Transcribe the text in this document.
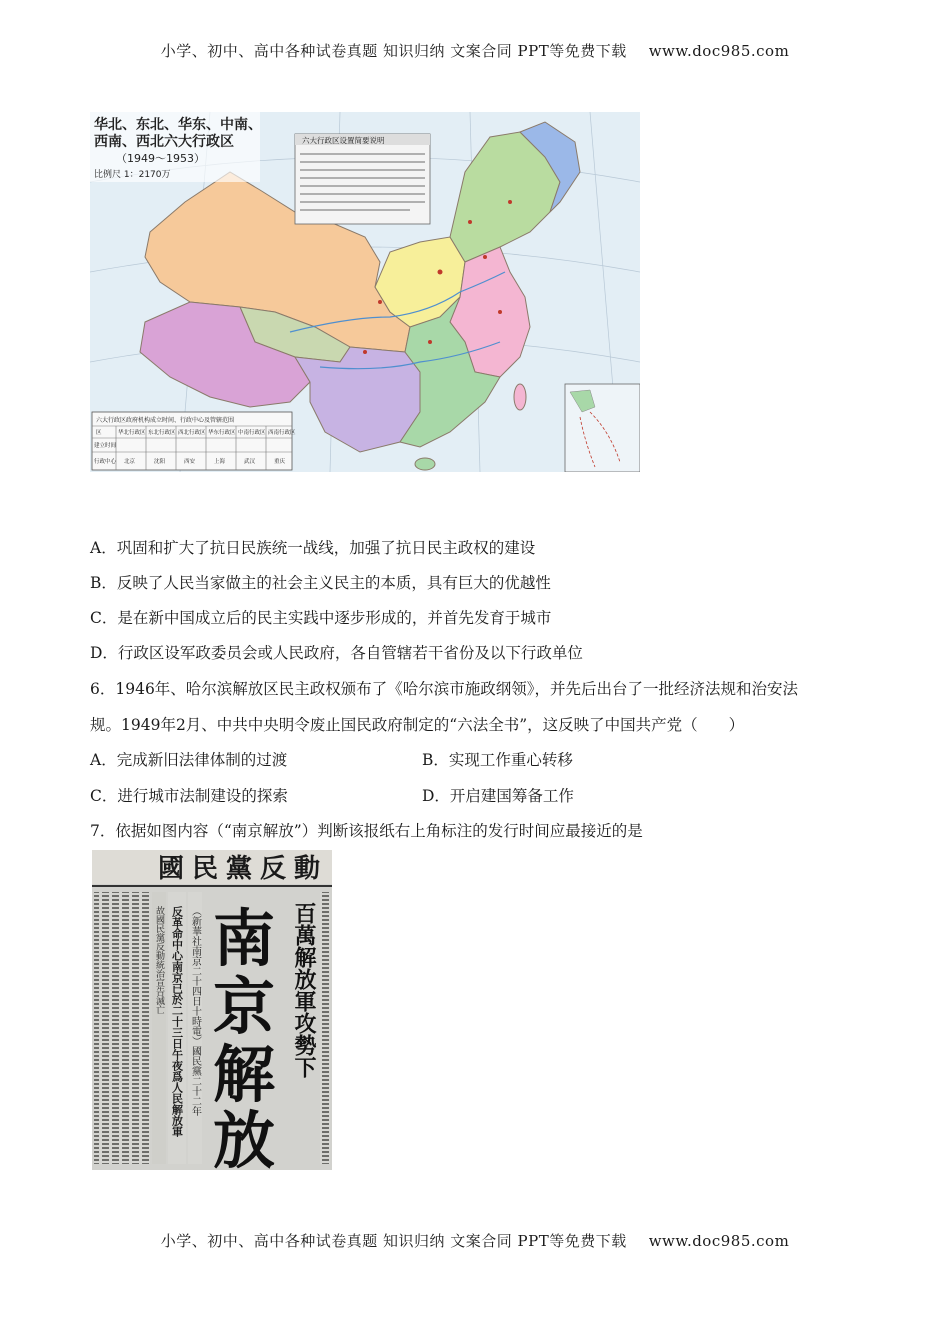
小学、初中、高中各种试卷真题 知识归纳 文案合同 PPT等免费下载 www.doc985.com
华北、东北、华东、中南、
西南、西北六大行政区
（1949～1953）
比例尺 1：2170万
六大行政区设置简要说明
六大行政区政府机构成立时间、行政中心及管辖范围
区
建立时间
行政中心
华北行政区 东北行政区 西北行政区 华东行政区 中南行政区 西南行政区
北京	沈阳	西安	上海	武汉	重庆
A．巩固和扩大了抗日民族统一战线，加强了抗日民主政权的建设
B．反映了人民当家做主的社会主义民主的本质，具有巨大的优越性
C．是在新中国成立后的民主实践中逐步形成的，并首先发育于城市
D．行政区设军政委员会或人民政府，各自管辖若干省份及以下行政单位
6．1946年、哈尔滨解放区民主政权颁布了《哈尔滨市施政纲领》，并先后出台了一批经济法规和治安法
规。1949年2月、中共中央明令废止国民政府制定的“六法全书”，这反映了中国共产党（　　）
A．完成新旧法律体制的过渡	B．实现工作重心转移
C．进行城市法制建设的探索	D．开启建国筹备工作
7．依据如图内容（“南京解放”）判断该报纸右上角标注的发行时间应最接近的是
國民黨反動
故國民黨反動統治宣告滅亡 反革命中心南京已於二十三日午夜爲人民解放軍 （新華社南京二十四日十時電）國民黨二十二年	百萬解放軍攻勢下
南
京
解
放
小学、初中、高中各种试卷真题 知识归纳 文案合同 PPT等免费下载 www.doc985.com
